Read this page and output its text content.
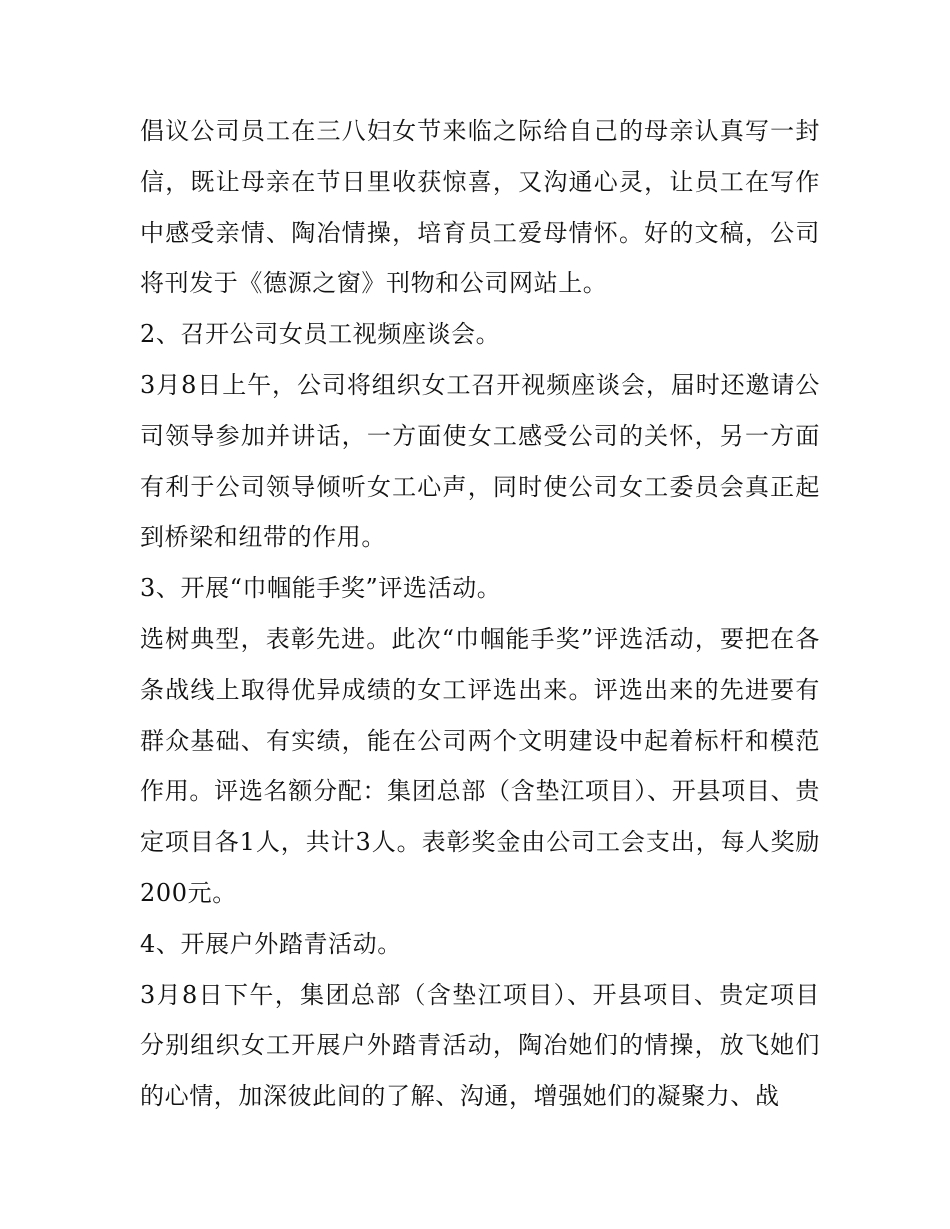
倡议公司员工在三八妇女节来临之际给自己的母亲认真写一封信，既让母亲在节日里收获惊喜，又沟通心灵，让员工在写作中感受亲情、陶冶情操，培育员工爱母情怀。好的文稿，公司将刊发于《德源之窗》刊物和公司网站上。

2、召开公司女员工视频座谈会。

3月8日上午，公司将组织女工召开视频座谈会，届时还邀请公司领导参加并讲话，一方面使女工感受公司的关怀，另一方面有利于公司领导倾听女工心声，同时使公司女工委员会真正起到桥梁和纽带的作用。

3、开展“巾帼能手奖”评选活动。

选树典型，表彰先进。此次“巾帼能手奖”评选活动，要把在各条战线上取得优异成绩的女工评选出来。评选出来的先进要有群众基础、有实绩，能在公司两个文明建设中起着标杆和模范作用。评选名额分配：集团总部（含垫江项目）、开县项目、贵定项目各1人，共计3人。表彰奖金由公司工会支出，每人奖励200元。

4、开展户外踏青活动。

3月8日下午，集团总部（含垫江项目）、开县项目、贵定项目分别组织女工开展户外踏青活动，陶冶她们的情操，放飞她们的心情，加深彼此间的了解、沟通，增强她们的凝聚力、战
